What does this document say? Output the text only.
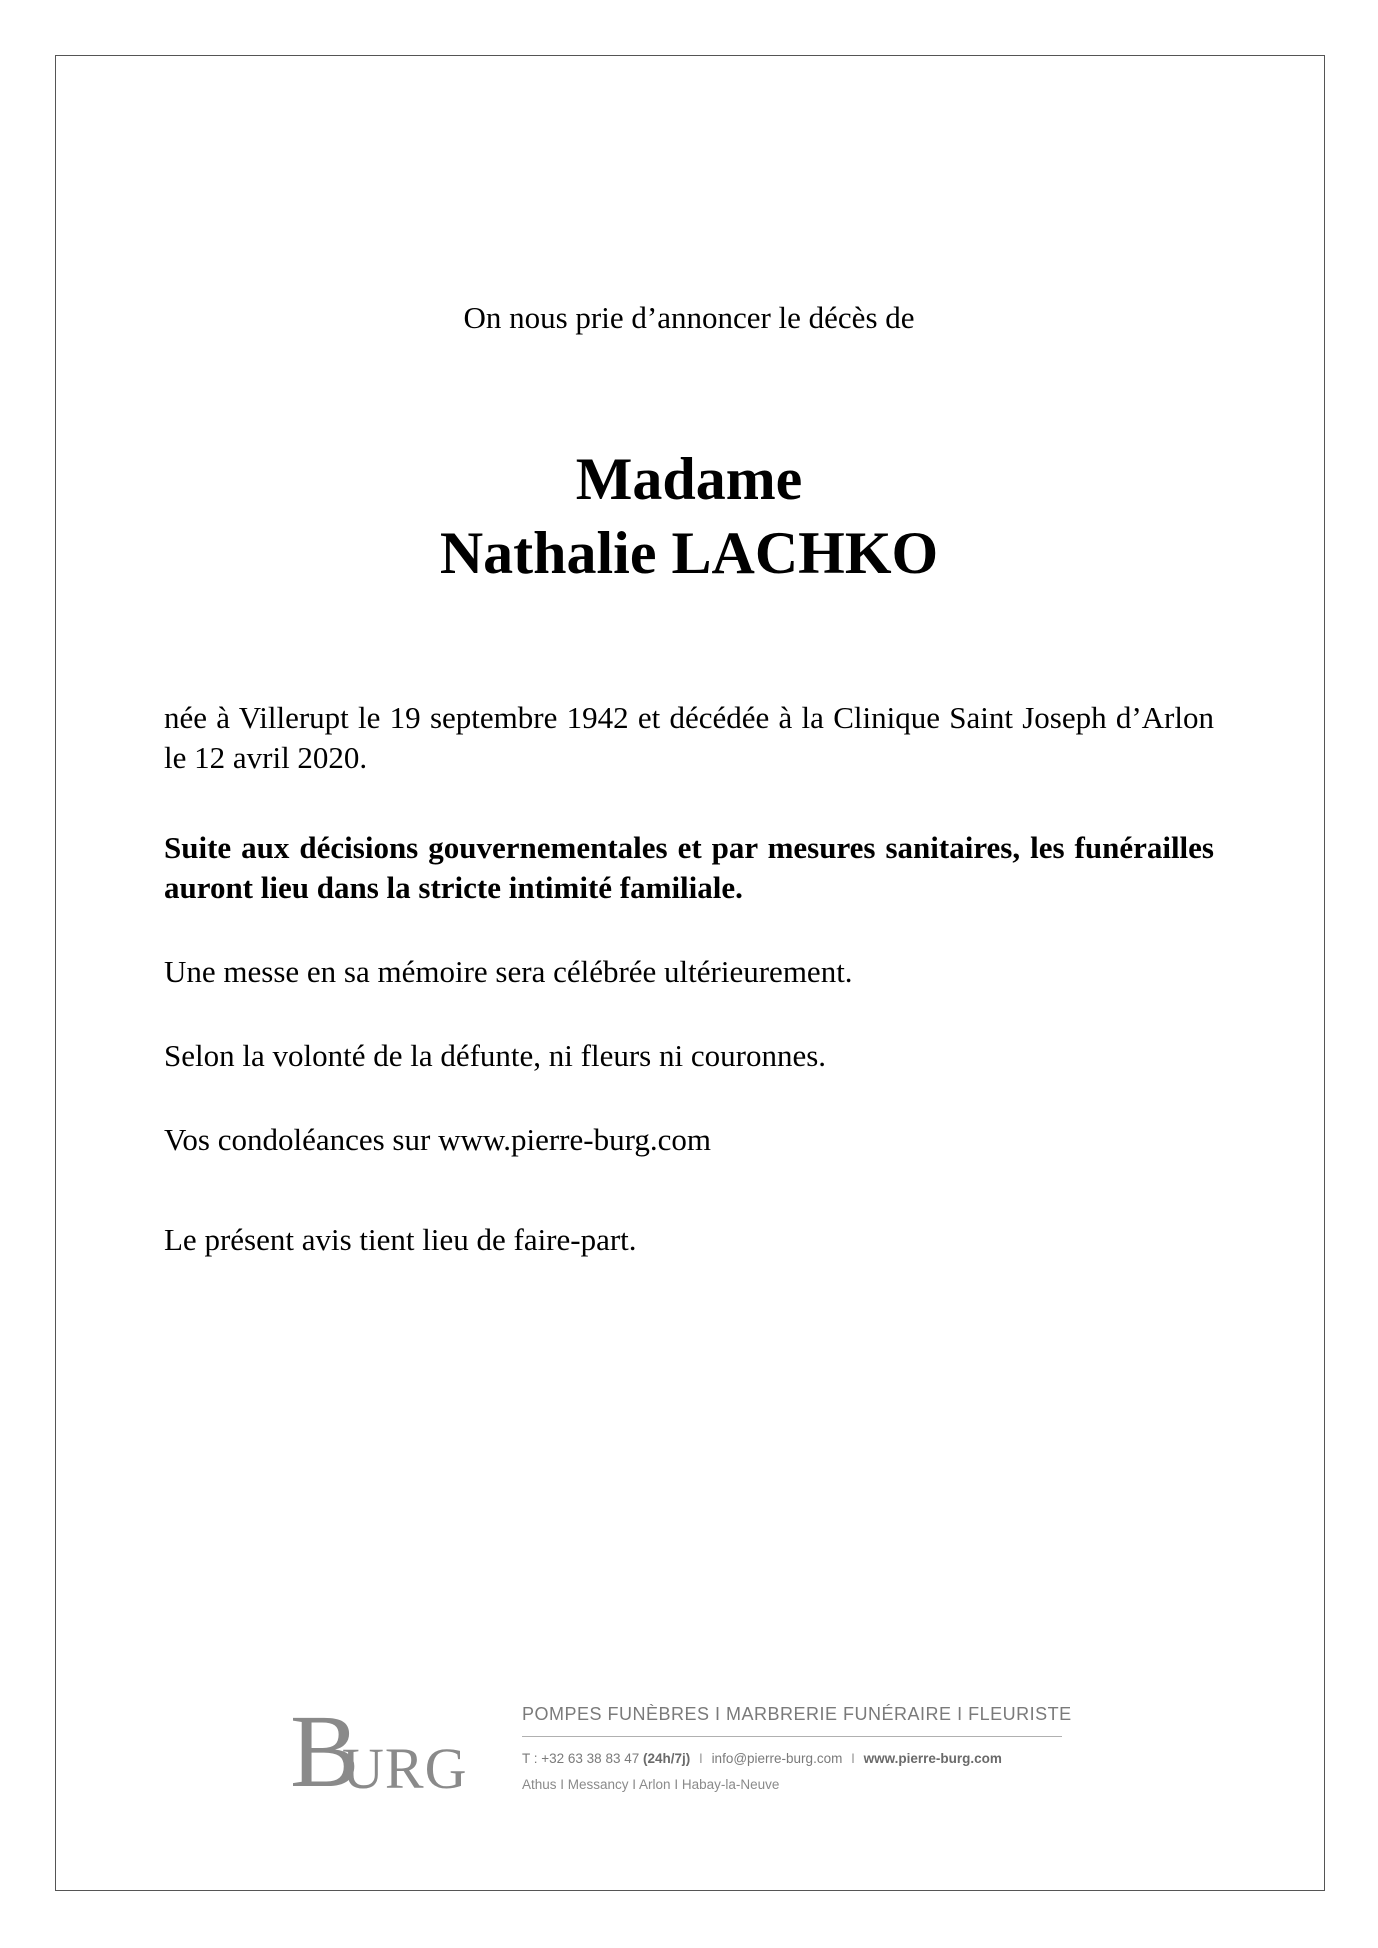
On nous prie d’annoncer le décès de
Madame
Nathalie LACHKO
née à Villerupt le 19 septembre 1942 et décédée à la Clinique Saint Joseph d’Arlon le 12 avril 2020.
Suite aux décisions gouvernementales et par mesures sanitaires, les funérailles auront lieu dans la stricte intimité familiale.
Une messe en sa mémoire sera célébrée ultérieurement.
Selon la volonté de la défunte, ni fleurs ni couronnes.
Vos condoléances sur www.pierre-burg.com
Le présent avis tient lieu de faire-part.
B
URG
POMPES FUNÈBRES I MARBRERIE FUNÉRAIRE I FLEURISTE
T : +32 63 38 83 47 (24h/7j) I info@pierre-burg.com I www.pierre-burg.com
Athus I Messancy I Arlon I Habay-la-Neuve
